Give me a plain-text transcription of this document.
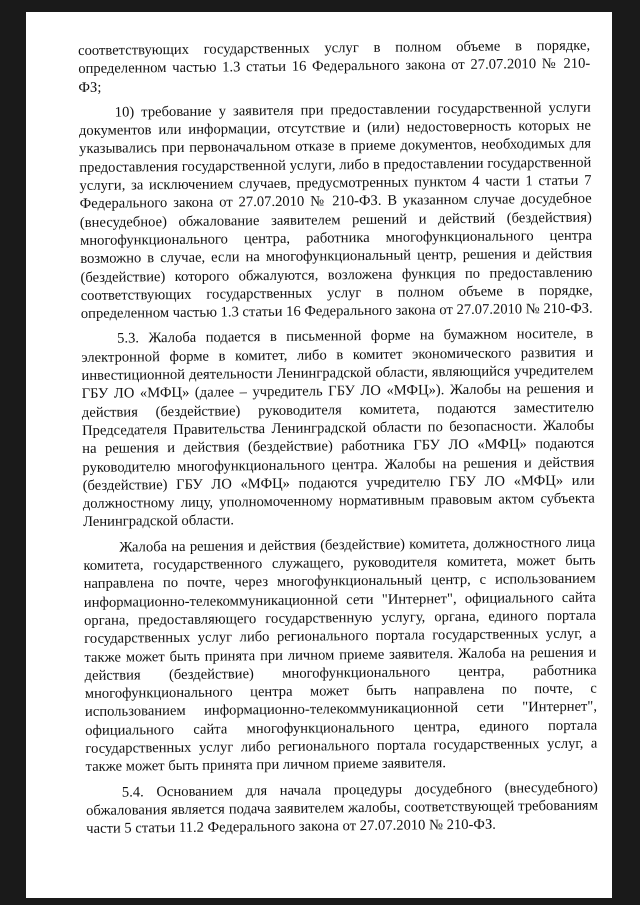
соответствующих государственных услуг в полном объеме в порядке, определенном частью 1.3 статьи 16 Федерального закона от 27.07.2010 № 210-ФЗ;

10) требование у заявителя при предоставлении государственной услуги документов или информации, отсутствие и (или) недостоверность которых не указывались при первоначальном отказе в приеме документов, необходимых для предоставления государственной услуги, либо в предоставлении государственной услуги, за исключением случаев, предусмотренных пунктом 4 части 1 статьи 7 Федерального закона от 27.07.2010 № 210-ФЗ. В указанном случае досудебное (внесудебное) обжалование заявителем решений и действий (бездействия) многофункционального центра, работника многофункционального центра возможно в случае, если на многофункциональный центр, решения и действия (бездействие) которого обжалуются, возложена функция по предоставлению соответствующих государственных услуг в полном объеме в порядке, определенном частью 1.3 статьи 16 Федерального закона от 27.07.2010 № 210-ФЗ.

5.3. Жалоба подается в письменной форме на бумажном носителе, в электронной форме в комитет, либо в комитет экономического развития и инвестиционной деятельности Ленинградской области, являющийся учредителем ГБУ ЛО «МФЦ» (далее – учредитель ГБУ ЛО «МФЦ»). Жалобы на решения и действия (бездействие) руководителя комитета, подаются заместителю Председателя Правительства Ленинградской области по безопасности. Жалобы на решения и действия (бездействие) работника ГБУ ЛО «МФЦ» подаются руководителю многофункционального центра. Жалобы на решения и действия (бездействие) ГБУ ЛО «МФЦ» подаются учредителю ГБУ ЛО «МФЦ» или должностному лицу, уполномоченному нормативным правовым актом субъекта Ленинградской области.

Жалоба на решения и действия (бездействие) комитета, должностного лица комитета, государственного служащего, руководителя комитета, может быть направлена по почте, через многофункциональный центр, с использованием информационно-телекоммуникационной сети "Интернет", официального сайта органа, предоставляющего государственную услугу, органа, единого портала государственных услуг либо регионального портала государственных услуг, а также может быть принята при личном приеме заявителя. Жалоба на решения и действия (бездействие) многофункционального центра, работника многофункционального центра может быть направлена по почте, с использованием информационно-телекоммуникационной сети "Интернет", официального сайта многофункционального центра, единого портала государственных услуг либо регионального портала государственных услуг, а также может быть принята при личном приеме заявителя.

5.4. Основанием для начала процедуры досудебного (внесудебного) обжалования является подача заявителем жалобы, соответствующей требованиям части 5 статьи 11.2 Федерального закона от 27.07.2010 № 210-ФЗ.
